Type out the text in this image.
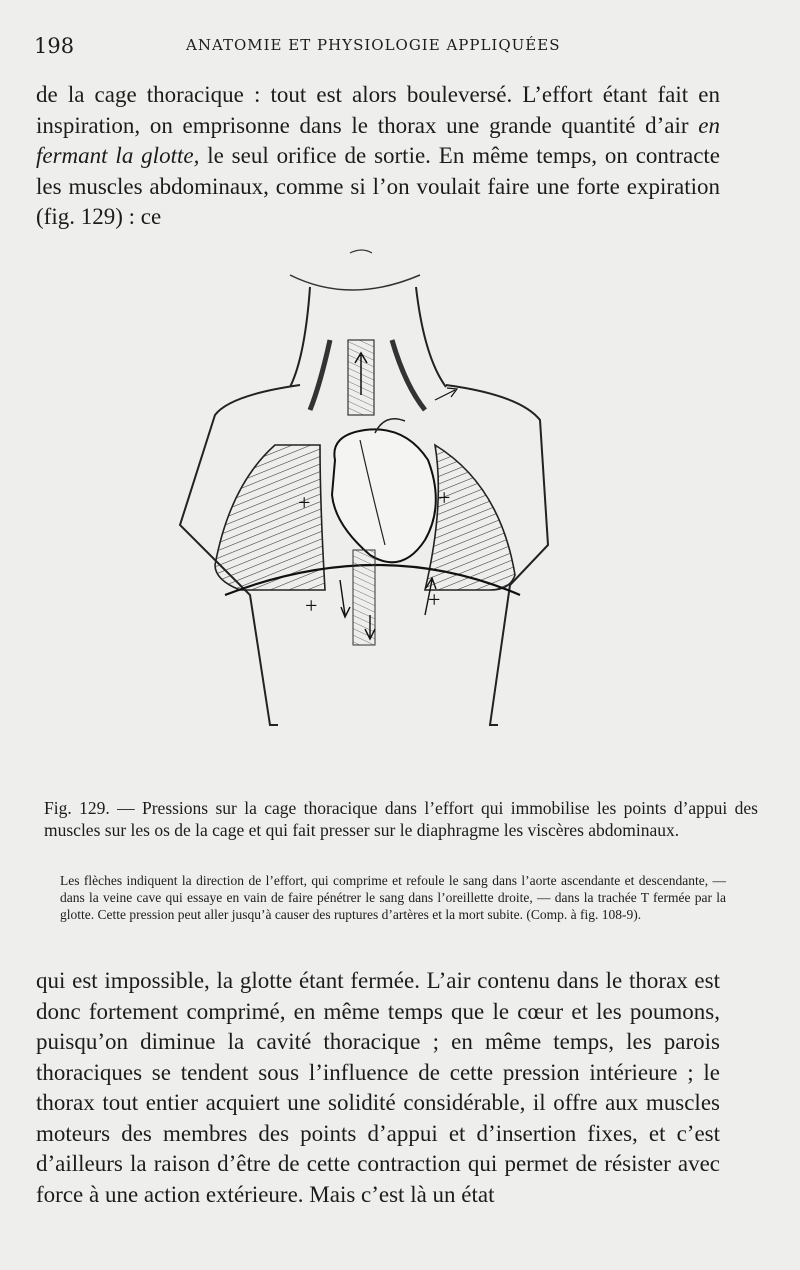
198	ANATOMIE ET PHYSIOLOGIE APPLIQUÉES
de la cage thoracique : tout est alors bouleversé. L’effort étant fait en inspiration, on emprisonne dans le thorax une grande quantité d’air en fermant la glotte, le seul orifice de sortie. En même temps, on contracte les muscles abdominaux, comme si l’on voulait faire une forte expiration (fig. 129) : ce
+	+
+	+
Fig. 129. — Pressions sur la cage thoracique dans l’effort qui immobilise les points d’appui des muscles sur les os de la cage et qui fait presser sur le diaphragme les viscères abdominaux.
Les flèches indiquent la direction de l’effort, qui comprime et refoule le sang dans l’aorte ascendante et descendante, — dans la veine cave qui essaye en vain de faire pénétrer le sang dans l’oreillette droite, — dans la trachée T fermée par la glotte. Cette pression peut aller jusqu’à causer des ruptures d’artères et la mort subite. (Comp. à fig. 108-9).
qui est impossible, la glotte étant fermée. L’air contenu dans le thorax est donc fortement comprimé, en même temps que le cœur et les poumons, puisqu’on diminue la cavité thoracique ; en même temps, les parois thoraciques se tendent sous l’influence de cette pression intérieure ; le thorax tout entier acquiert une solidité considérable, il offre aux muscles moteurs des membres des points d’appui et d’insertion fixes, et c’est d’ailleurs la raison d’être de cette contraction qui permet de résister avec force à une action extérieure. Mais c’est là un état
